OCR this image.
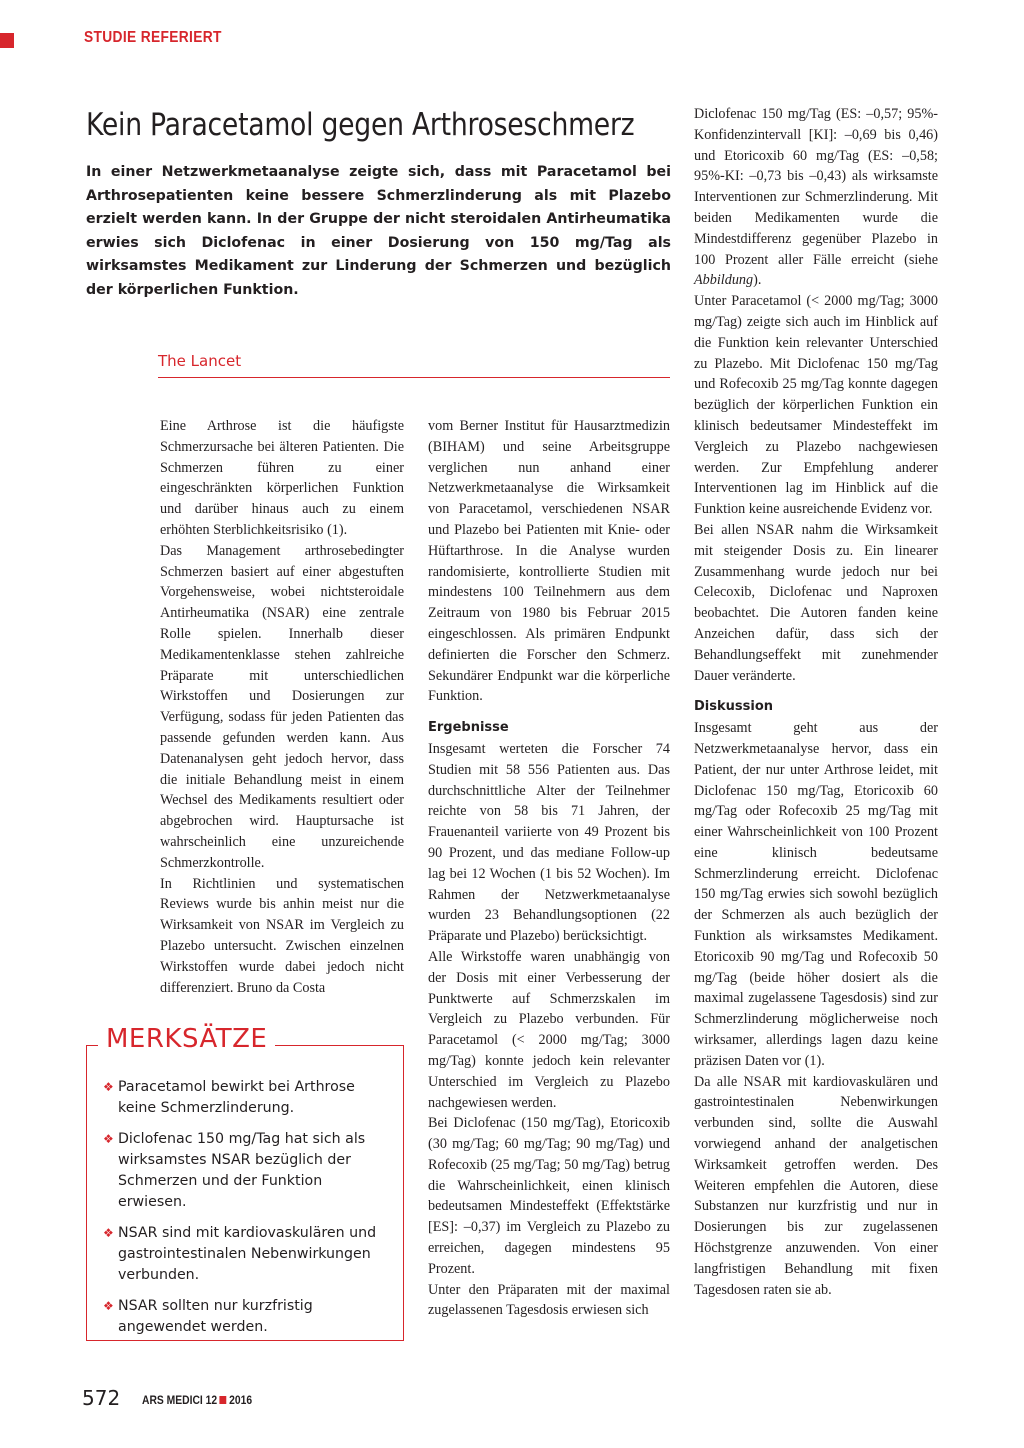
STUDIE REFERIERT
Kein Paracetamol gegen Arthroseschmerz
In einer Netzwerkmetaanalyse zeigte sich, dass mit Paracetamol bei Arthrosepatienten keine bessere Schmerzlinderung als mit Plazebo erzielt werden kann. In der Gruppe der nicht steroidalen Antirheumatika erwies sich Diclofenac in einer Dosierung von 150 mg/Tag als wirksamstes Medikament zur Linderung der Schmerzen und bezüglich der körperlichen Funktion.
The Lancet

Eine Arthrose ist die häufigste Schmerzursache bei älteren Patienten. Die Schmerzen führen zu einer eingeschränkten körperlichen Funktion und darüber hinaus auch zu einem erhöhten Sterblichkeitsrisiko (1).

Das Management arthrosebedingter Schmerzen basiert auf einer abgestuften Vorgehensweise, wobei nichtsteroidale Antirheumatika (NSAR) eine zentrale Rolle spielen. Innerhalb dieser Medikamentenklasse stehen zahlreiche Präparate mit unterschiedlichen Wirkstoffen und Dosierungen zur Verfügung, sodass für jeden Patienten das passende gefunden werden kann. Aus Datenanalysen geht jedoch hervor, dass die initiale Behandlung meist in einem Wechsel des Medikaments resultiert oder abgebrochen wird. Hauptursache ist wahrscheinlich eine unzureichende Schmerzkontrolle.

In Richtlinien und systematischen Reviews wurde bis anhin meist nur die Wirksamkeit von NSAR im Vergleich zu Plazebo untersucht. Zwischen einzelnen Wirkstoffen wurde dabei jedoch nicht differenziert. Bruno da Costa

vom Berner Institut für Hausarztmedizin (BIHAM) und seine Arbeitsgruppe verglichen nun anhand einer Netzwerkmetaanalyse die Wirksamkeit von Paracetamol, verschiedenen NSAR und Plazebo bei Patienten mit Knie- oder Hüftarthrose. In die Analyse wurden randomisierte, kontrollierte Studien mit mindestens 100 Teilnehmern aus dem Zeitraum von 1980 bis Februar 2015 eingeschlossen. Als primären Endpunkt definierten die Forscher den Schmerz. Sekundärer Endpunkt war die körperliche Funktion.

Ergebnisse

Insgesamt werteten die Forscher 74 Studien mit 58 556 Patienten aus. Das durchschnittliche Alter der Teilnehmer reichte von 58 bis 71 Jahren, der Frauenanteil variierte von 49 Prozent bis 90 Prozent, und das mediane Follow-up lag bei 12 Wochen (1 bis 52 Wochen). Im Rahmen der Netzwerkmetaanalyse wurden 23 Behandlungsoptionen (22 Präparate und Plazebo) berücksichtigt.

Alle Wirkstoffe waren unabhängig von der Dosis mit einer Verbesserung der Punktwerte auf Schmerzskalen im Vergleich zu Plazebo verbunden. Für Paracetamol (< 2000 mg/Tag; 3000 mg/Tag) konnte jedoch kein relevanter Unterschied im Vergleich zu Plazebo nachgewiesen werden.

Bei Diclofenac (150 mg/Tag), Etoricoxib (30 mg/Tag; 60 mg/Tag; 90 mg/Tag) und Rofecoxib (25 mg/Tag; 50 mg/Tag) betrug die Wahrscheinlichkeit, einen klinisch bedeutsamen Mindesteffekt (Effektstärke [ES]: –0,37) im Vergleich zu Plazebo zu erreichen, dagegen mindestens 95 Prozent.

Unter den Präparaten mit der maximal zugelassenen Tagesdosis erwiesen sich

Diclofenac 150 mg/Tag (ES: –0,57; 95%-Konfidenzintervall [KI]: –0,69 bis 0,46) und Etoricoxib 60 mg/Tag (ES: –0,58; 95%-KI: –0,73 bis –0,43) als wirksamste Interventionen zur Schmerzlinderung. Mit beiden Medikamenten wurde die Mindestdifferenz gegenüber Plazebo in 100 Prozent aller Fälle erreicht (siehe Abbildung).

Unter Paracetamol (< 2000 mg/Tag; 3000 mg/Tag) zeigte sich auch im Hinblick auf die Funktion kein relevanter Unterschied zu Plazebo. Mit Diclofenac 150 mg/Tag und Rofecoxib 25 mg/Tag konnte dagegen bezüglich der körperlichen Funktion ein klinisch bedeutsamer Mindesteffekt im Vergleich zu Plazebo nachgewiesen werden. Zur Empfehlung anderer Interventionen lag im Hinblick auf die Funktion keine ausreichende Evidenz vor.

Bei allen NSAR nahm die Wirksamkeit mit steigender Dosis zu. Ein linearer Zusammenhang wurde jedoch nur bei Celecoxib, Diclofenac und Naproxen beobachtet. Die Autoren fanden keine Anzeichen dafür, dass sich der Behandlungseffekt mit zunehmender Dauer veränderte.

Diskussion

Insgesamt geht aus der Netzwerkmetaanalyse hervor, dass ein Patient, der nur unter Arthrose leidet, mit Diclofenac 150 mg/Tag, Etoricoxib 60 mg/Tag oder Rofecoxib 25 mg/Tag mit einer Wahrscheinlichkeit von 100 Prozent eine klinisch bedeutsame Schmerzlinderung erreicht. Diclofenac 150 mg/Tag erwies sich sowohl bezüglich der Schmerzen als auch bezüglich der Funktion als wirksamstes Medikament. Etoricoxib 90 mg/Tag und Rofecoxib 50 mg/Tag (beide höher dosiert als die maximal zugelassene Tagesdosis) sind zur Schmerzlinderung möglicherweise noch wirksamer, allerdings lagen dazu keine präzisen Daten vor (1).

Da alle NSAR mit kardiovaskulären und gastrointestinalen Nebenwirkungen verbunden sind, sollte die Auswahl vorwiegend anhand der analgetischen Wirksamkeit getroffen werden. Des Weiteren empfehlen die Autoren, diese Substanzen nur kurzfristig und nur in Dosierungen bis zur zugelassenen Höchstgrenze anzuwenden. Von einer langfristigen Behandlung mit fixen Tagesdosen raten sie ab.

MERKSÄTZE
❖ Paracetamol bewirkt bei Arthrose keine Schmerzlinderung.
❖ Diclofenac 150 mg/Tag hat sich als wirksamstes NSAR bezüglich der Schmerzen und der Funktion erwiesen.
❖ NSAR sind mit kardiovaskulären und gastrointestinalen Nebenwirkungen verbunden.
❖ NSAR sollten nur kurzfristig angewendet werden.
572 ARS MEDICI 12 2016
